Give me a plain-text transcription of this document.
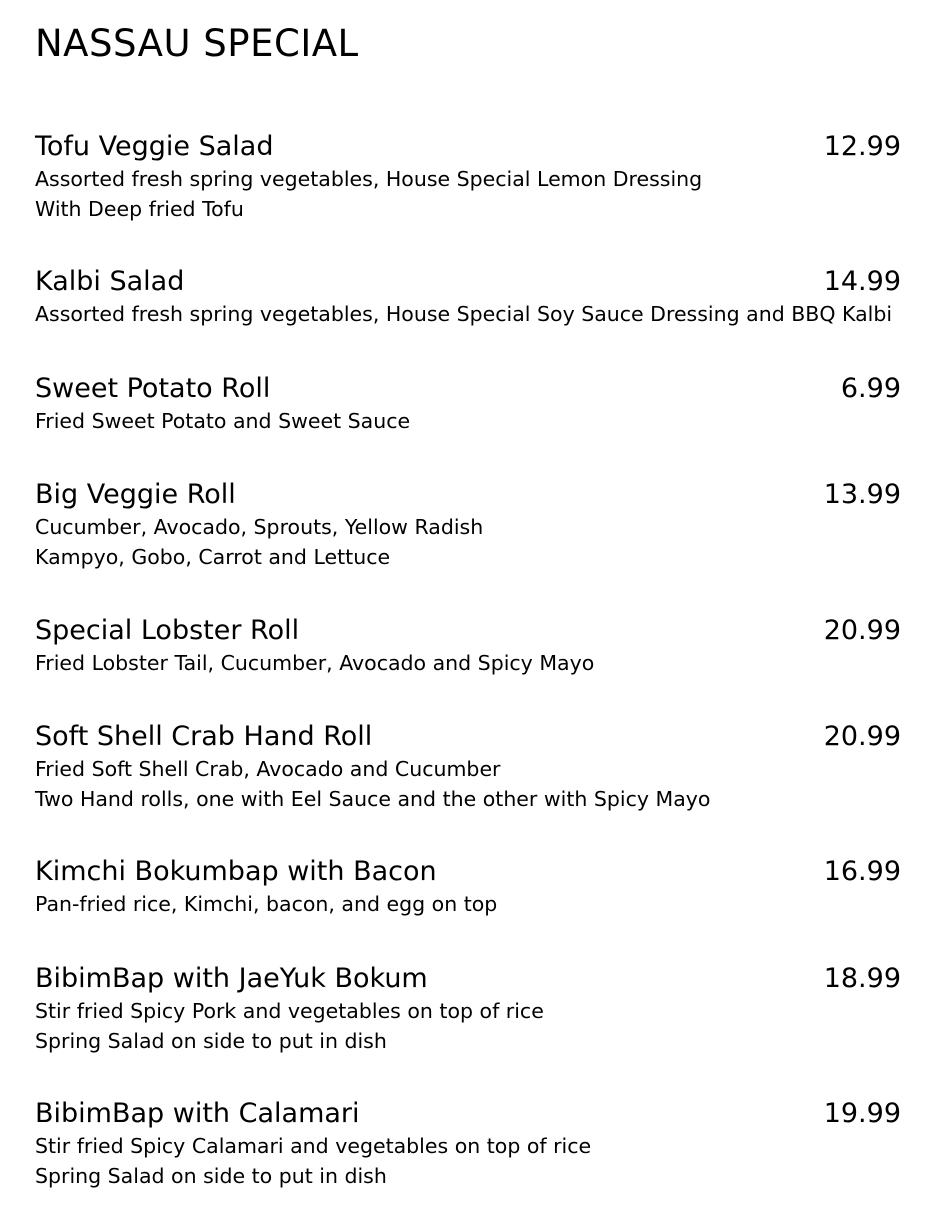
NASSAU SPECIAL
Tofu Veggie Salad	12.99
Assorted fresh spring vegetables, House Special Lemon Dressing
With Deep fried Tofu
Kalbi Salad	14.99
Assorted fresh spring vegetables, House Special Soy Sauce Dressing and BBQ Kalbi
Sweet Potato Roll	6.99
Fried Sweet Potato and Sweet Sauce
Big Veggie Roll	13.99
Cucumber, Avocado, Sprouts, Yellow Radish
Kampyo, Gobo, Carrot and Lettuce
Special Lobster Roll	20.99
Fried Lobster Tail, Cucumber, Avocado and Spicy Mayo
Soft Shell Crab Hand Roll	20.99
Fried Soft Shell Crab, Avocado and Cucumber
Two Hand rolls, one with Eel Sauce and the other with Spicy Mayo
Kimchi Bokumbap with Bacon	16.99
Pan-fried rice, Kimchi, bacon, and egg on top
BibimBap with JaeYuk Bokum	18.99
Stir fried Spicy Pork and vegetables on top of rice
Spring Salad on side to put in dish
BibimBap with Calamari	19.99
Stir fried Spicy Calamari and vegetables on top of rice
Spring Salad on side to put in dish
